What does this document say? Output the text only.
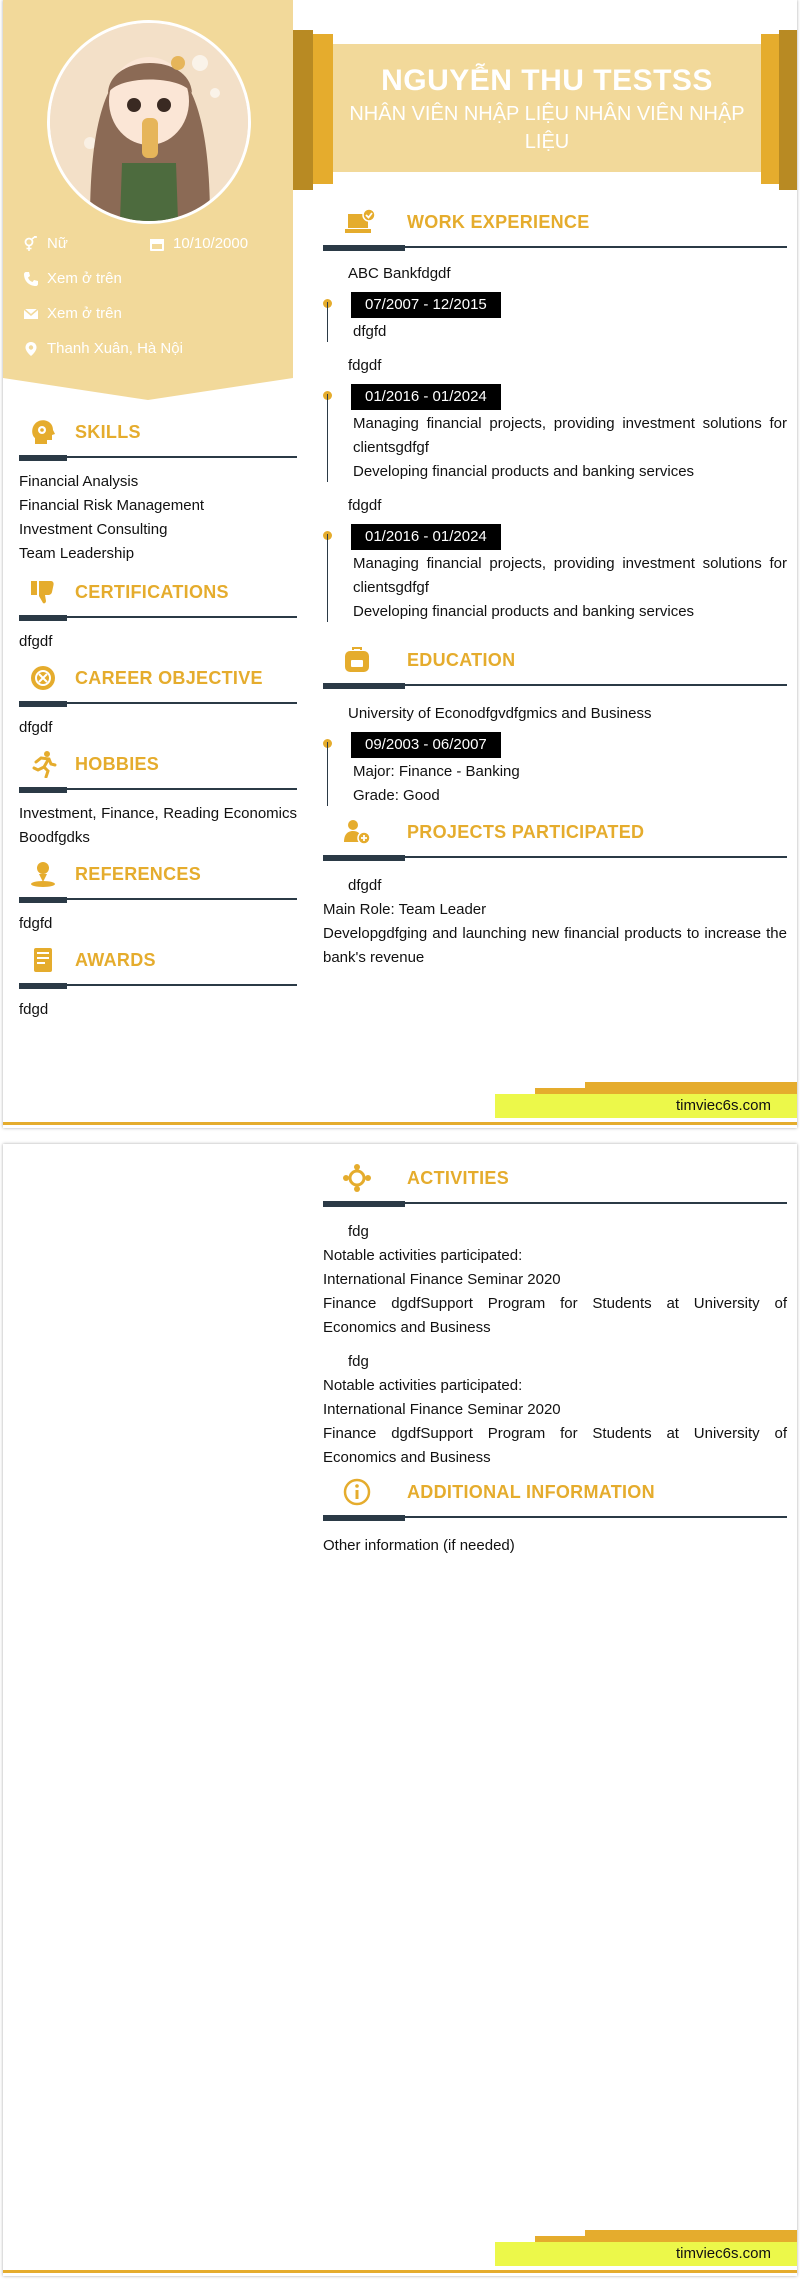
Nữ	10/10/2000
Xem ở trên
Xem ở trên
Thanh Xuân, Hà Nội
SKILLS
Financial Analysis
Financial Risk Management
Investment Consulting
Team Leadership
CERTIFICATIONS
dfgdf
CAREER OBJECTIVE
dfgdf
HOBBIES
Investment, Finance, Reading Economics Boodfgdks
REFERENCES
fdgfd
AWARDS
fdgd
NGUYỄN THU TESTSS
NHÂN VIÊN NHẬP LIỆU NHÂN VIÊN NHẬP LIỆU
WORK EXPERIENCE
ABC Bankfdgdf
07/2007 - 12/2015
dfgfd
fdgdf
01/2016 - 01/2024
Managing financial projects, providing investment solutions for clientsgdfgf
Developing financial products and banking services
fdgdf
01/2016 - 01/2024
Managing financial projects, providing investment solutions for clientsgdfgf
Developing financial products and banking services
EDUCATION
University of Econodfgvdfgmics and Business
09/2003 - 06/2007
Major: Finance - Banking
Grade: Good
PROJECTS PARTICIPATED
dfgdf
Main Role: Team Leader
Developgdfging and launching new financial products to increase the bank's revenue
timviec6s.com
ACTIVITIES
fdg
Notable activities participated:
International Finance Seminar 2020
Finance dgdfSupport Program for Students at University of Economics and Business
fdg
Notable activities participated:
International Finance Seminar 2020
Finance dgdfSupport Program for Students at University of Economics and Business
ADDITIONAL INFORMATION
Other information (if needed)
timviec6s.com
